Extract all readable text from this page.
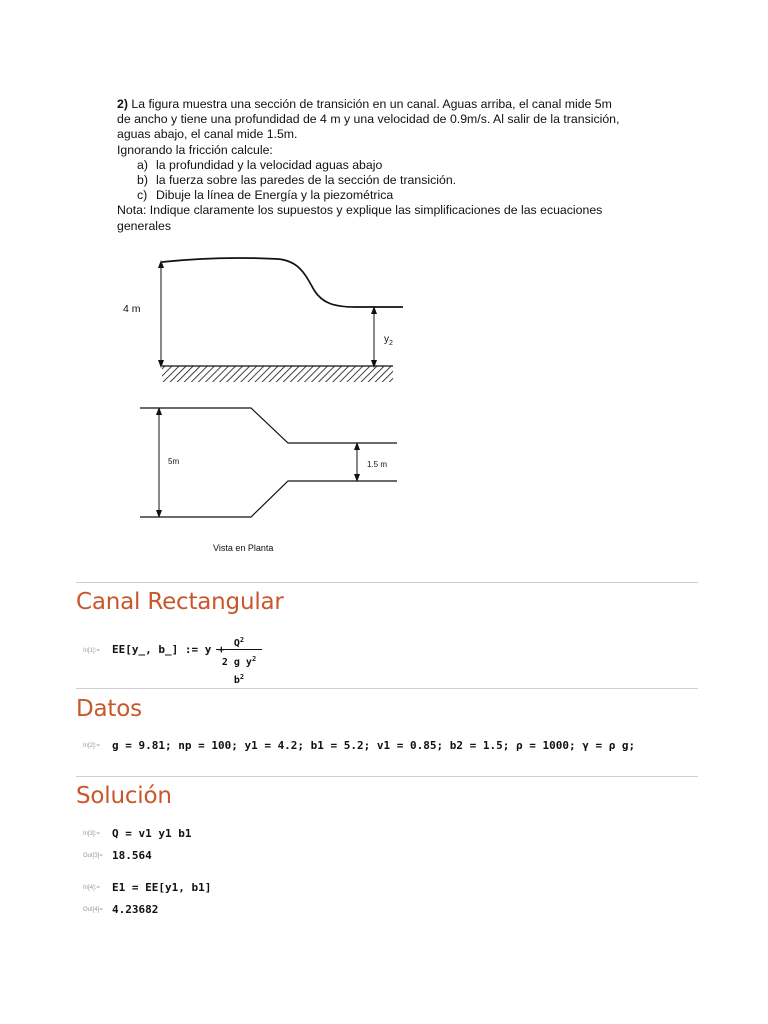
2) La figura muestra una sección de transición en un canal. Aguas arriba, el canal mide 5m

de ancho y tiene una profundidad de 4 m y una velocidad de 0.9m/s. Al salir de la transición,

aguas abajo, el canal mide 1.5m.

Ignorando la fricción calcule:

a) la profundidad y la velocidad aguas abajo

b) la fuerza sobre las paredes de la sección de transición.

c) Dibuje la línea de Energía y la piezométrica

Nota: Indique claramente los supuestos y explique las simplificaciones de las ecuaciones

generales

4 m
$y_2$
5m	1.5 m
Vista en Planta
Canal Rectangular
In[1]:= EE[y_, b_] := $y + Q^2$
2 g $y^2$ $b^2$
Datos
In[2]:= g = 9.81; np = 100; y1 = 4.2; b1 = 5.2; v1 = 0.85; b2 = 1.5; ρ = 1000; γ = ρ g;
Solución
In[3]:= Q = v1 y1 b1
Out[3]= 18.564
In[4]:= E1 = EE[y1, b1]
Out[4]= 4.23682
